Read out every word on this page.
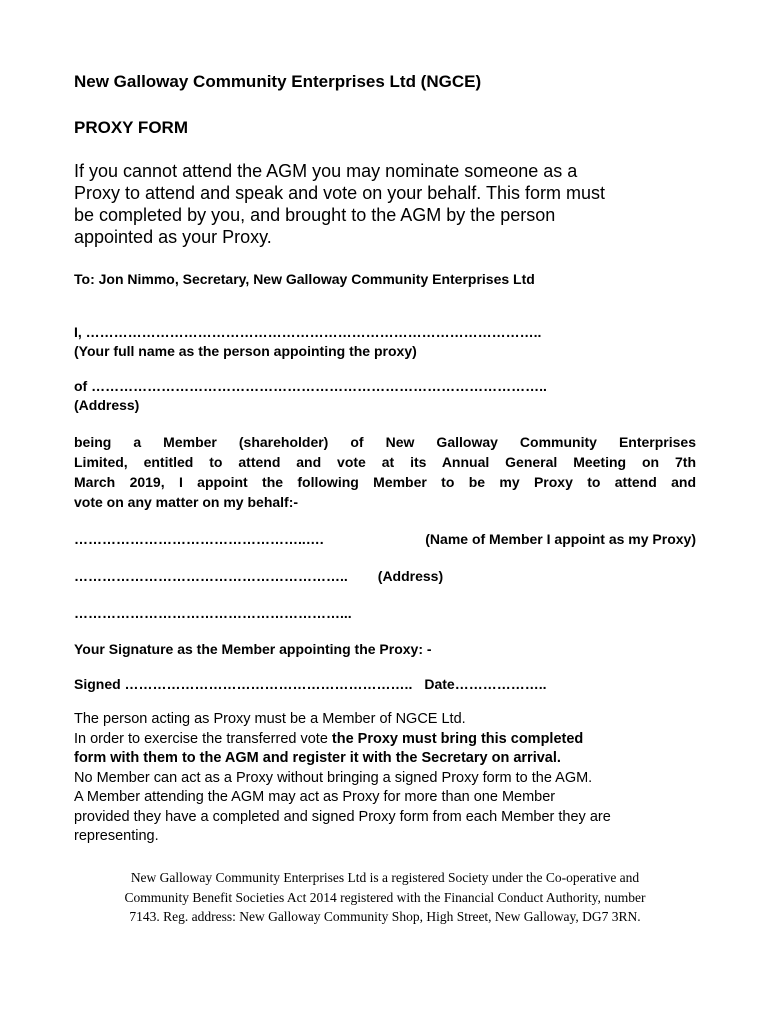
New Galloway Community Enterprises Ltd (NGCE)

PROXY FORM

If you cannot attend the AGM you may nominate someone as a
Proxy to attend and speak and vote on your behalf. This form must
be completed by you, and brought to the AGM by the person
appointed as your Proxy.

To: Jon Nimmo, Secretary, New Galloway Community Enterprises Ltd

I, ……………………………………………………………………………………..

(Your full name as the person appointing the proxy)

of ……………………………………………………………………………………..

(Address)

being a Member (shareholder) of New Galloway Community Enterprises
Limited, entitled to attend and vote at its Annual General Meeting on 7th
March 2019, I appoint the following Member to be my Proxy to attend and
vote on any matter on my behalf:-

…………………………………………..….	(Name of Member I appoint as my Proxy)
………………………………………………….. (Address)

…………………………………………………...

Your Signature as the Member appointing the Proxy: -

Signed …………………………………………………….. Date………………..
The person acting as Proxy must be a Member of NGCE Ltd.
In order to exercise the transferred vote the Proxy must bring this completed
form with them to the AGM and register it with the Secretary on arrival.
No Member can act as a Proxy without bringing a signed Proxy form to the AGM.
A Member attending the AGM may act as Proxy for more than one Member
provided they have a completed and signed Proxy form from each Member they are
representing.

New Galloway Community Enterprises Ltd is a registered Society under the Co-operative and
Community Benefit Societies Act 2014 registered with the Financial Conduct Authority, number
7143. Reg. address: New Galloway Community Shop, High Street, New Galloway, DG7 3RN.
